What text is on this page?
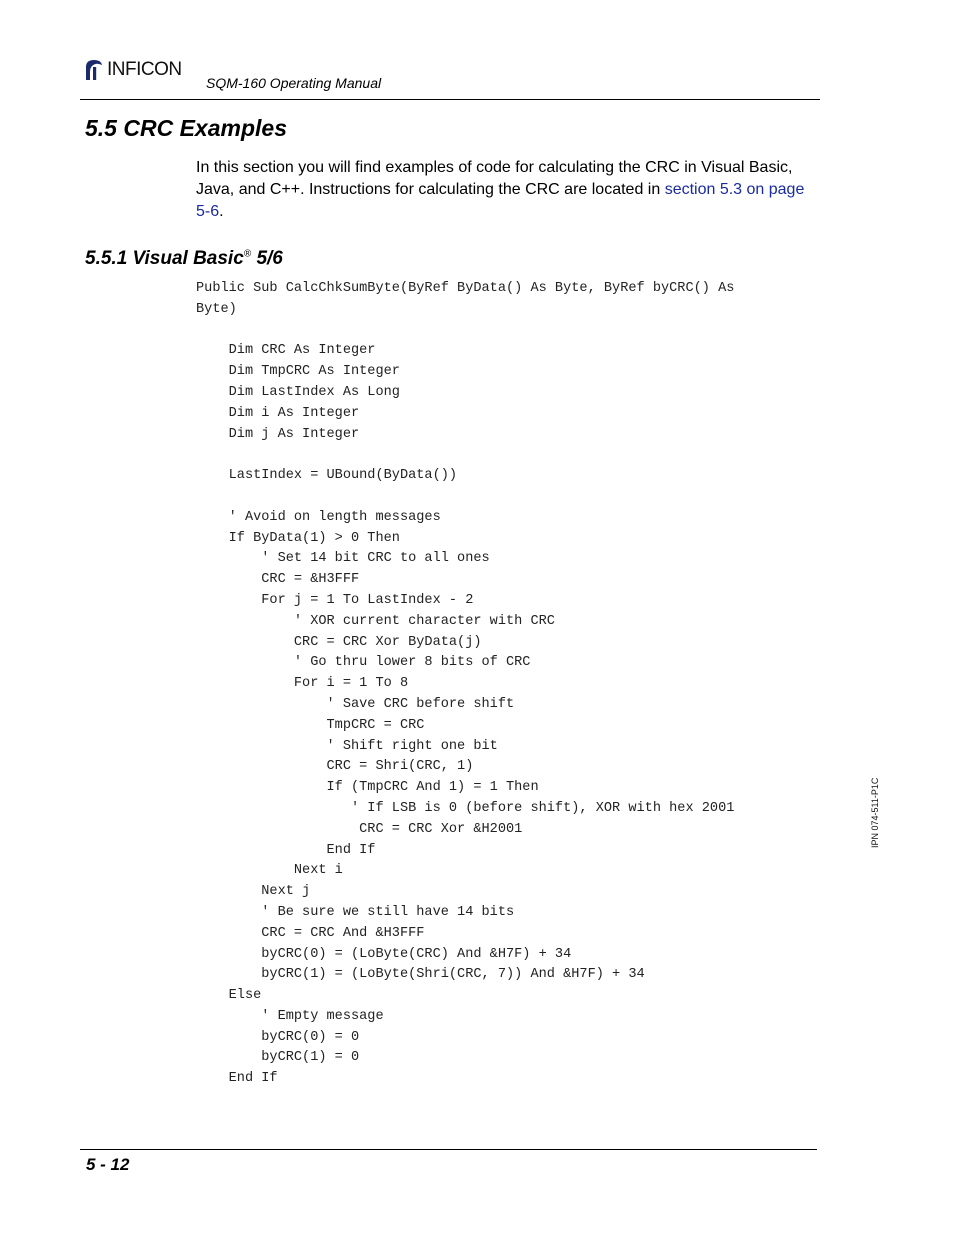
INFICON
SQM-160 Operating Manual
5.5 CRC Examples
In this section you will find examples of code for calculating the CRC in Visual Basic, Java, and C++. Instructions for calculating the CRC are located in section 5.3 on page 5-6.
5.5.1 Visual Basic® 5/6
Public Sub CalcChkSumByte(ByRef ByData() As Byte, ByRef byCRC() As
Byte)

Dim CRC As Integer
Dim TmpCRC As Integer
Dim LastIndex As Long
Dim i As Integer
Dim j As Integer

LastIndex = UBound(ByData())

' Avoid on length messages
If ByData(1) > 0 Then
' Set 14 bit CRC to all ones
CRC = &H3FFF
For j = 1 To LastIndex - 2
' XOR current character with CRC
CRC = CRC Xor ByData(j)
' Go thru lower 8 bits of CRC
For i = 1 To 8
' Save CRC before shift
TmpCRC = CRC
' Shift right one bit
CRC = Shri(CRC, 1)
If (TmpCRC And 1) = 1 Then
' If LSB is 0 (before shift), XOR with hex 2001
CRC = CRC Xor &H2001
End If
Next i
Next j
' Be sure we still have 14 bits
CRC = CRC And &H3FFF
byCRC(0) = (LoByte(CRC) And &H7F) + 34
byCRC(1) = (LoByte(Shri(CRC, 7)) And &H7F) + 34
Else
' Empty message
byCRC(0) = 0
byCRC(1) = 0
End If
IPN 074-511-P1C
5 - 12
